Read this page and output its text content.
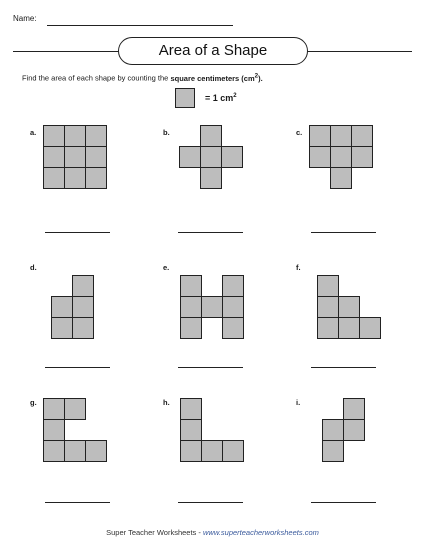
Name:
Area of a Shape
Find the area of each shape by counting the square centimeters $(cm^2)$.
= 1 $cm^2$
a.	b.	c.
d.	e.	f.
g.	h.	i.
Super Teacher Worksheets - www.superteacherworksheets.com
